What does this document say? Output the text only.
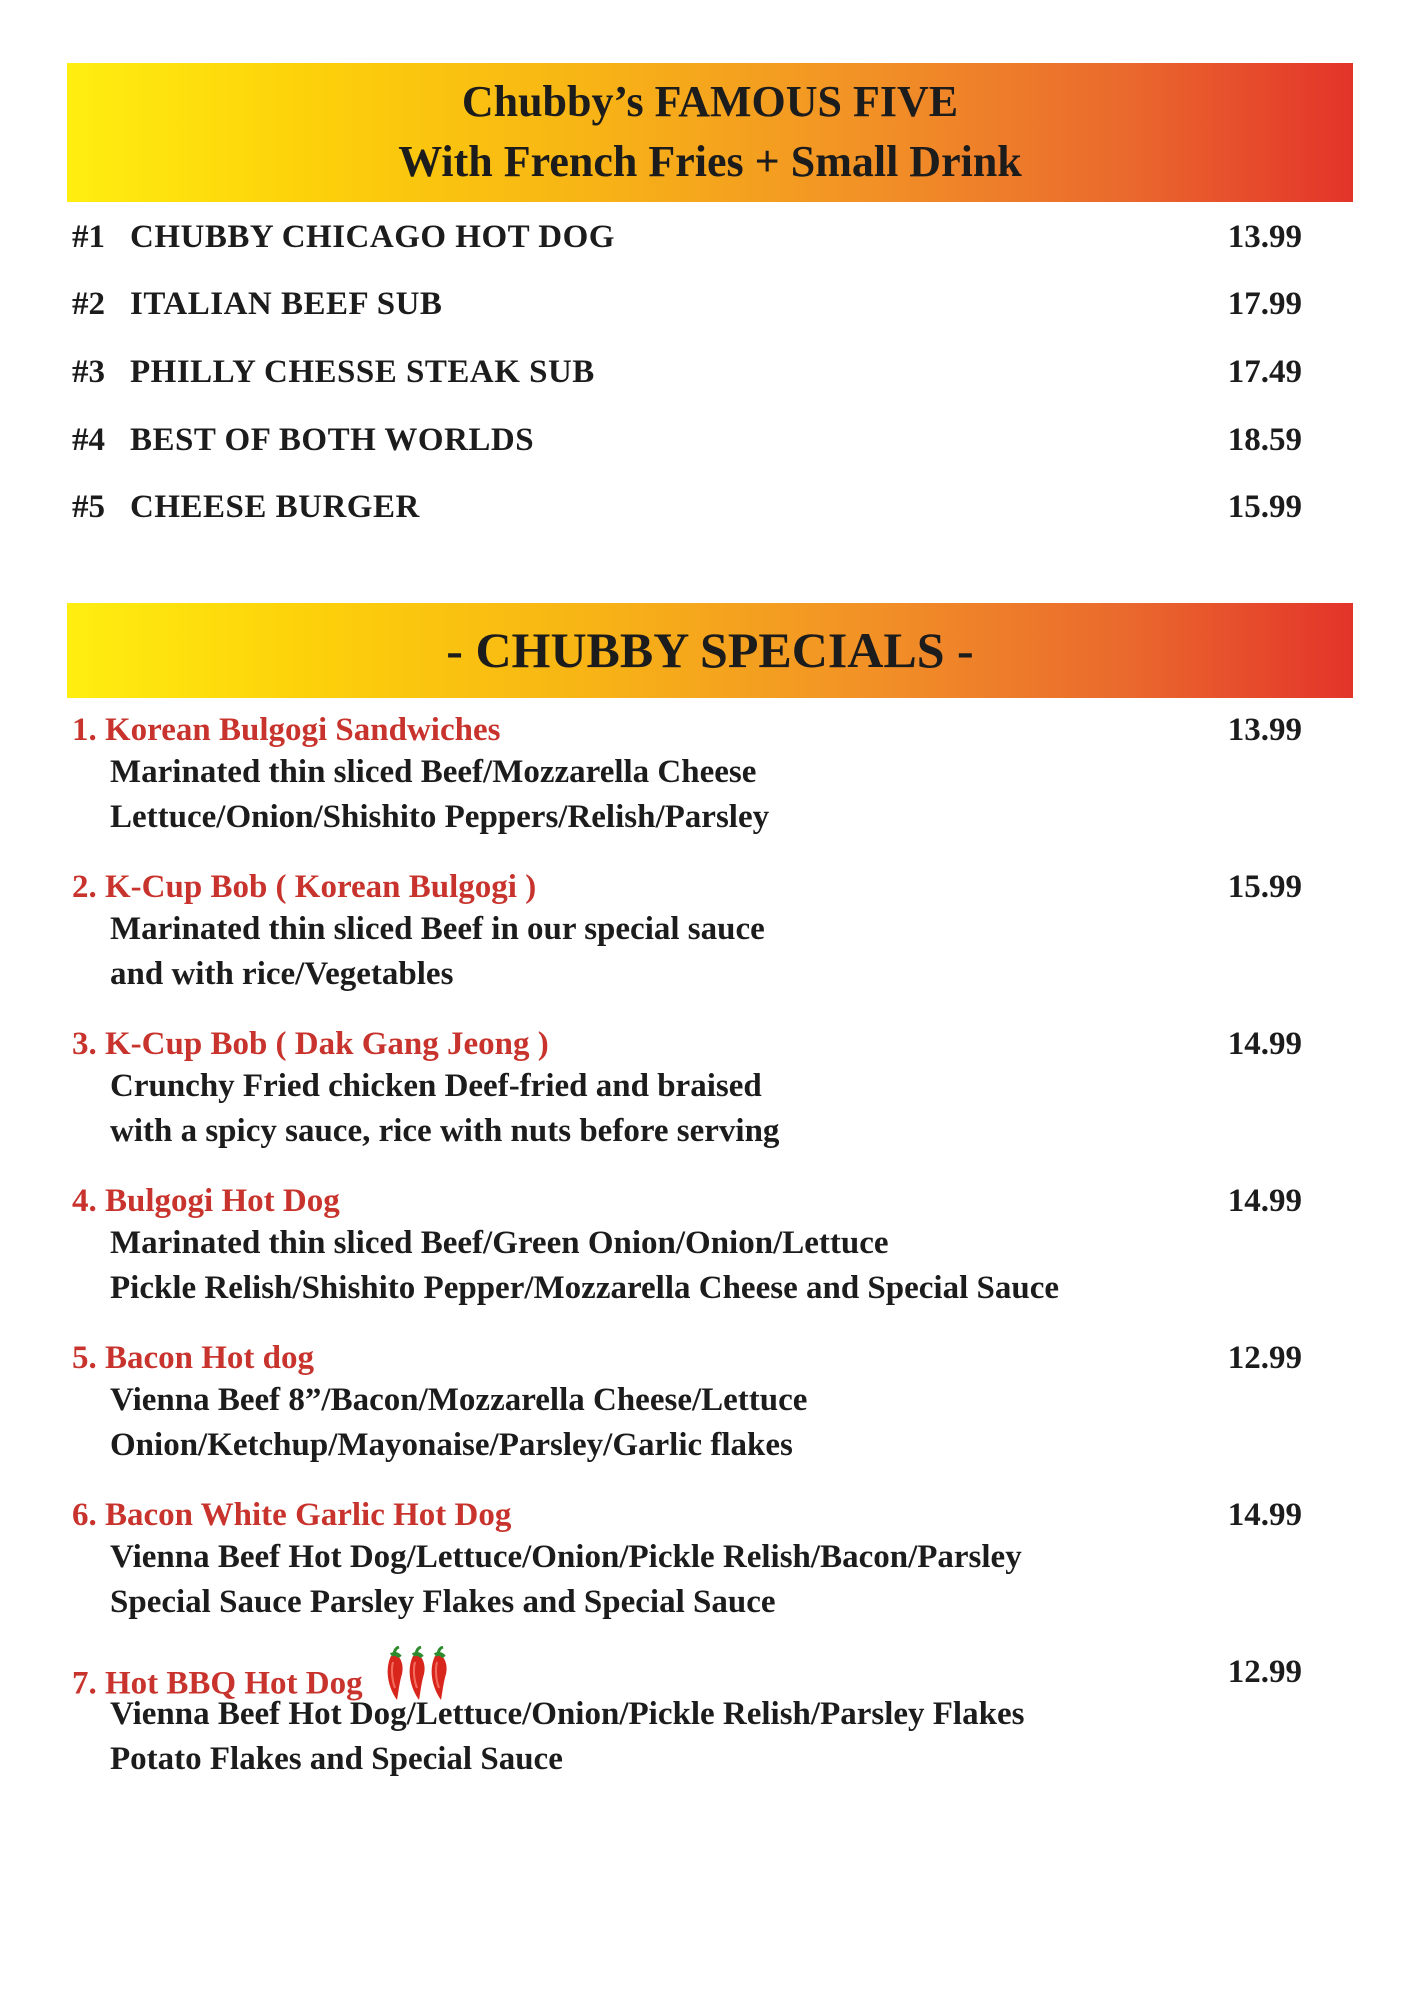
Chubby’s FAMOUS FIVE
With French Fries + Small Drink
#1 CHUBBY CHICAGO HOT DOG	13.99
#2 ITALIAN BEEF SUB	17.99
#3 PHILLY CHESSE STEAK SUB	17.49
#4 BEST OF BOTH WORLDS	18.59
#5 CHEESE BURGER	15.99
- CHUBBY SPECIALS -
1. Korean Bulgogi Sandwiches	13.99
Marinated thin sliced Beef/Mozzarella Cheese
Lettuce/Onion/Shishito Peppers/Relish/Parsley
2. K-Cup Bob ( Korean Bulgogi )	15.99
Marinated thin sliced Beef in our special sauce
and with rice/Vegetables
3. K-Cup Bob ( Dak Gang Jeong )	14.99
Crunchy Fried chicken Deef-fried and braised
with a spicy sauce, rice with nuts before serving
4. Bulgogi Hot Dog	14.99
Marinated thin sliced Beef/Green Onion/Onion/Lettuce
Pickle Relish/Shishito Pepper/Mozzarella Cheese and Special Sauce
5. Bacon Hot dog	12.99
Vienna Beef 8”/Bacon/Mozzarella Cheese/Lettuce
Onion/Ketchup/Mayonaise/Parsley/Garlic flakes
6. Bacon White Garlic Hot Dog	14.99
Vienna Beef Hot Dog/Lettuce/Onion/Pickle Relish/Bacon/Parsley
Special Sauce Parsley Flakes and Special Sauce
7. Hot BBQ Hot Dog	12.99
Vienna Beef Hot Dog/Lettuce/Onion/Pickle Relish/Parsley Flakes
Potato Flakes and Special Sauce
